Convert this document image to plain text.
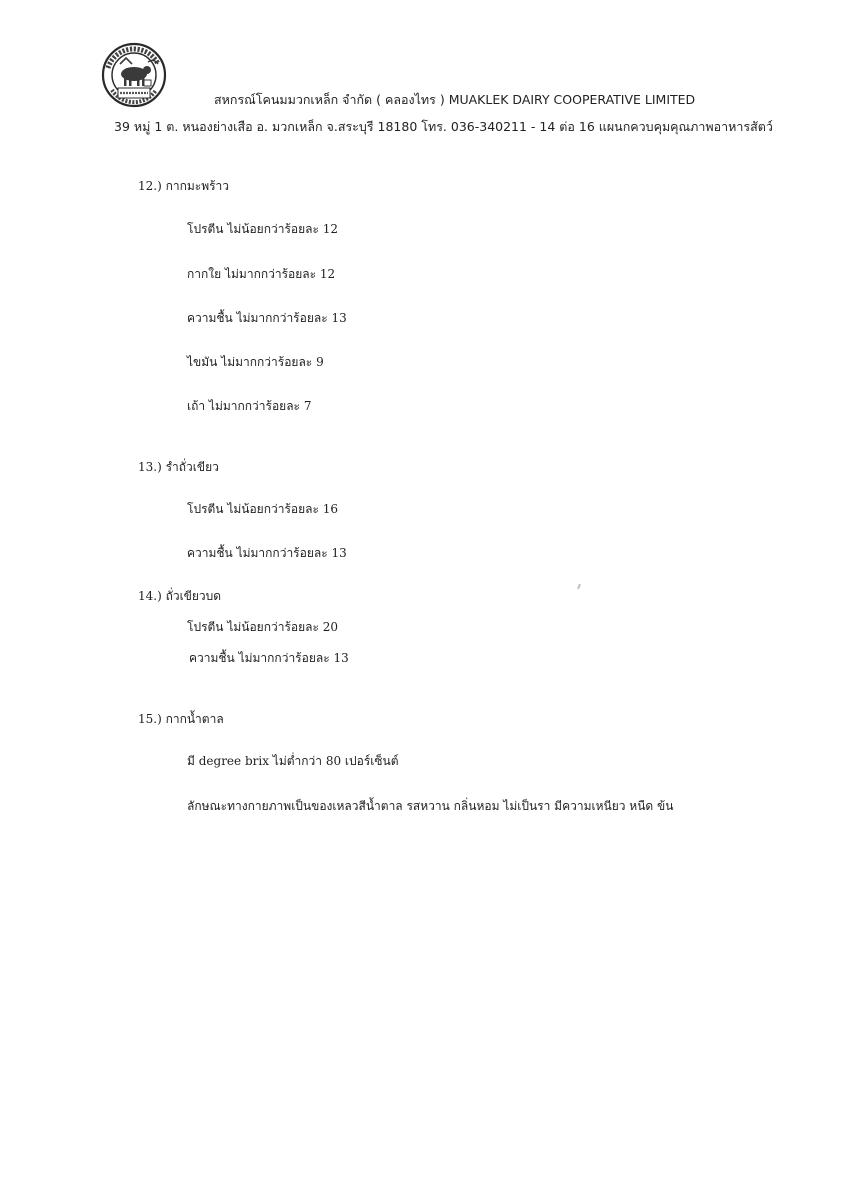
สหกรณ์โคนมมวกเหล็ก จำกัด
สหกรณ์โคนมมวกเหล็ก จำกัด ( คลองไทร ) MUAKLEK DAIRY COOPERATIVE LIMITED
39 หมู่ 1 ต. หนองย่างเสือ อ. มวกเหล็ก จ.สระบุรี 18180 โทร. 036-340211 - 14 ต่อ 16 แผนกควบคุมคุณภาพอาหารสัตว์
12.) กากมะพร้าว
โปรตีน ไม่น้อยกว่าร้อยละ 12
กากใย ไม่มากกว่าร้อยละ 12
ความชื้น ไม่มากกว่าร้อยละ 13
ไขมัน ไม่มากกว่าร้อยละ 9
เถ้า ไม่มากกว่าร้อยละ 7
13.) รำถั่วเขียว
โปรตีน ไม่น้อยกว่าร้อยละ 16
ความชื้น ไม่มากกว่าร้อยละ 13
14.) ถั่วเขียวบด
โปรตีน ไม่น้อยกว่าร้อยละ 20
ความชื้น ไม่มากกว่าร้อยละ 13
15.) กากน้ำตาล
มี degree brix ไม่ต่ำกว่า 80 เปอร์เซ็นต์
ลักษณะทางกายภาพเป็นของเหลวสีน้ำตาล รสหวาน กลิ่นหอม ไม่เป็นรา มีความเหนียว หนืด ข้น
